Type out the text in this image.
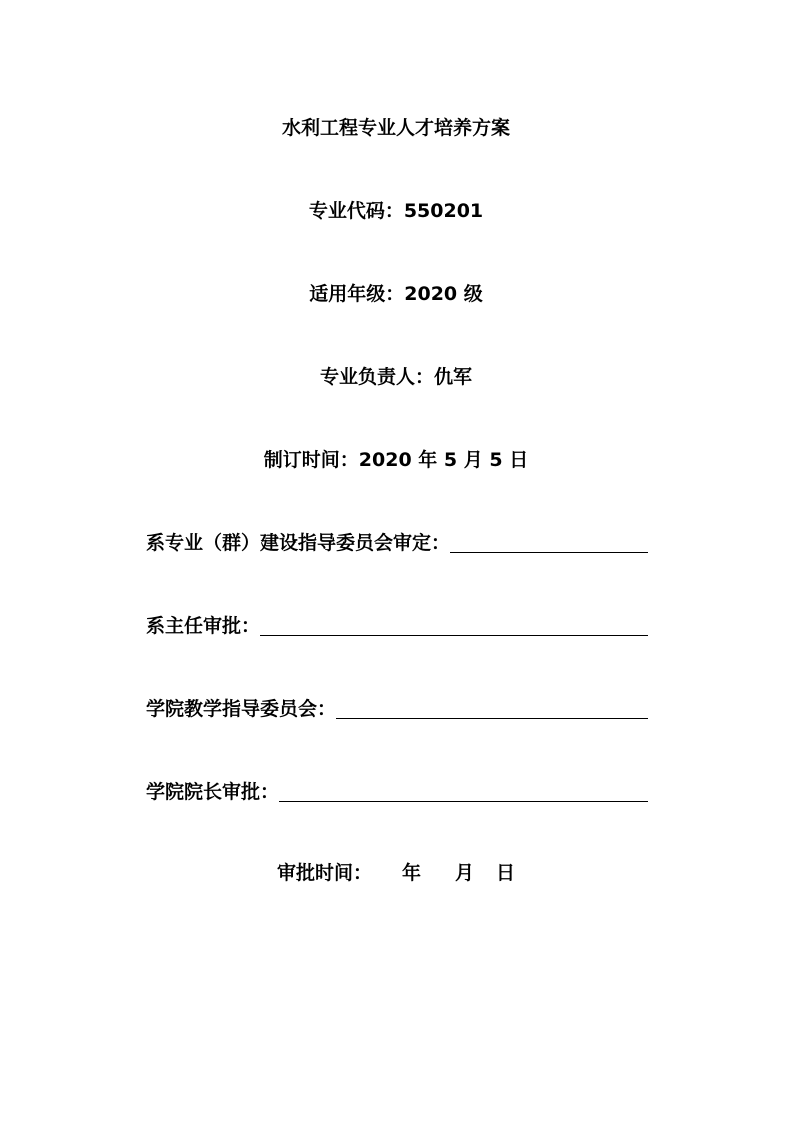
水利工程专业人才培养方案
专业代码：550201
适用年级：2020 级
专业负责人：仇军
制订时间：2020 年 5 月 5 日
系专业（群）建设指导委员会审定：
系主任审批：
学院教学指导委员会：
学院院长审批：
审批时间： 年 月 日
